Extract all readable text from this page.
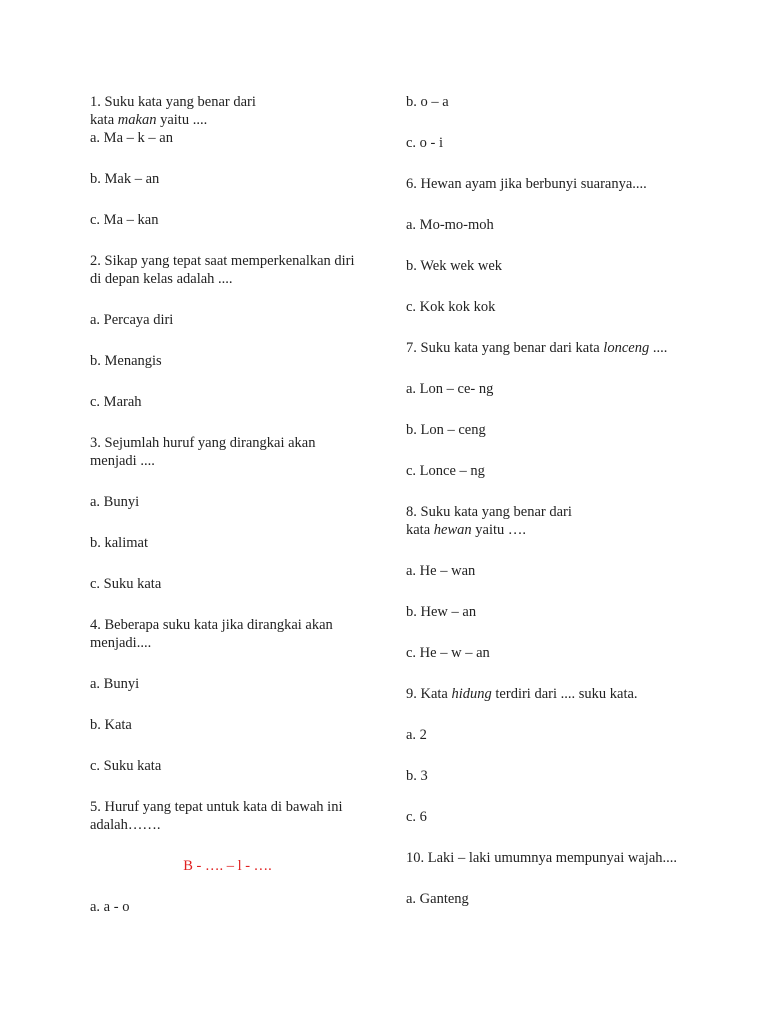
1. Suku kata yang benar dari
kata makan yaitu ....
a. Ma – k – an
b. Mak – an
c. Ma – kan
2. Sikap yang tepat saat memperkenalkan diri di depan kelas adalah ....
a. Percaya diri
b. Menangis
c. Marah
3. Sejumlah huruf yang dirangkai akan menjadi ....
a. Bunyi
b. kalimat
c. Suku kata
4. Beberapa suku kata jika dirangkai akan menjadi....
a. Bunyi
b. Kata
c. Suku kata
5. Huruf yang tepat untuk kata di bawah ini adalah…….
B - …. – l - ….
a. a - o
b. o – a
c. o - i
6. Hewan ayam jika berbunyi suaranya....
a. Mo-mo-moh
b. Wek wek wek
c. Kok kok kok
7. Suku kata yang benar dari kata lonceng ....
a. Lon – ce- ng
b. Lon – ceng
c. Lonce – ng
8. Suku kata yang benar dari
kata hewan yaitu ….
a. He – wan
b. Hew – an
c. He – w – an
9. Kata hidung terdiri dari .... suku kata.
a. 2
b. 3
c. 6
10. Laki – laki umumnya mempunyai wajah....
a. Ganteng
